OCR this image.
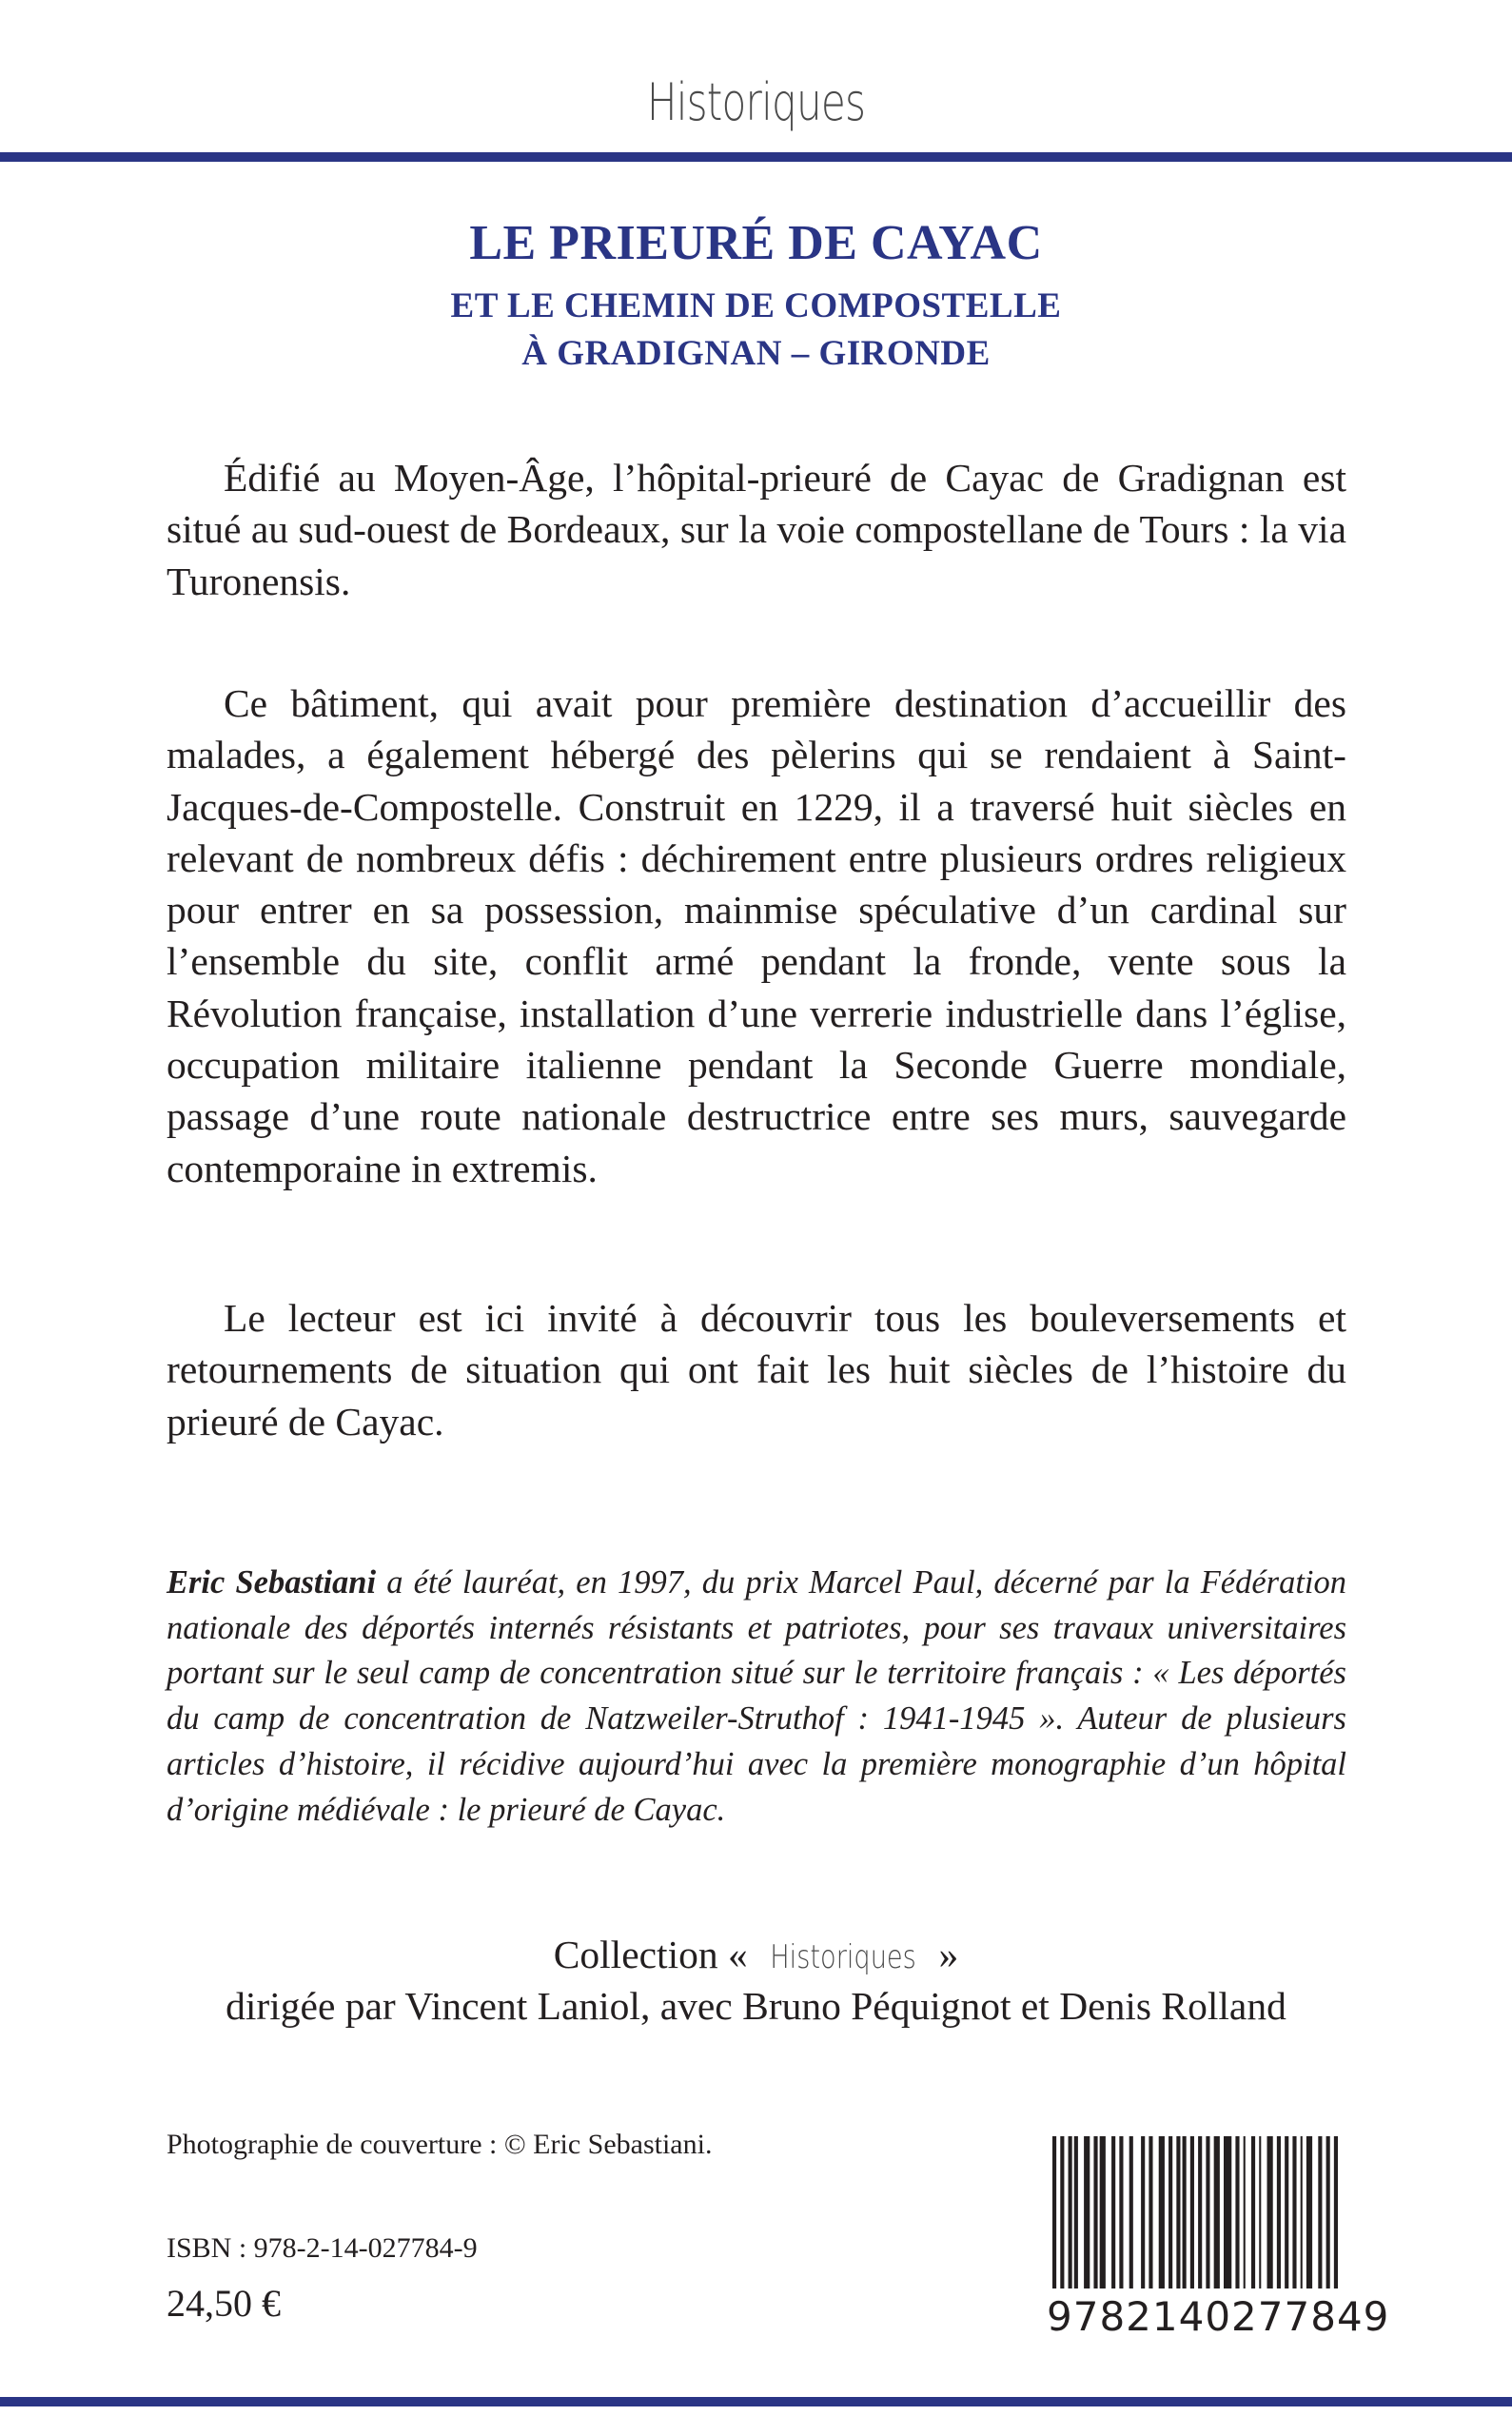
Historiques
LE PRIEURÉ DE CAYAC
ET LE CHEMIN DE COMPOSTELLE
À GRADIGNAN – GIRONDE

Édifié au Moyen-Âge, l’hôpital-prieuré de Cayac de Gradignan est situé au sud-ouest de Bordeaux, sur la voie compostellane de Tours : la via Turonensis.

Ce bâtiment, qui avait pour première destination d’accueillir des malades, a également hébergé des pèlerins qui se rendaient à Saint-Jacques-de-Compostelle. Construit en 1229, il a traversé huit siècles en relevant de nombreux défis : déchirement entre plusieurs ordres religieux pour entrer en sa possession, mainmise spéculative d’un cardinal sur l’ensemble du site, conflit armé pendant la fronde, vente sous la Révolution française, installation d’une verrerie industrielle dans l’église, occupation militaire italienne pendant la Seconde Guerre mondiale, passage d’une route nationale destructrice entre ses murs, sauvegarde contemporaine in extremis.

Le lecteur est ici invité à découvrir tous les bouleversements et retournements de situation qui ont fait les huit siècles de l’histoire du prieuré de Cayac.

Eric Sebastiani a été lauréat, en 1997, du prix Marcel Paul, décerné par la Fédération nationale des déportés internés résistants et patriotes, pour ses travaux universitaires portant sur le seul camp de concentration situé sur le territoire français : « Les déportés du camp de concentration de Natzweiler-Struthof : 1941-1945 ». Auteur de plusieurs articles d’histoire, il récidive aujourd’hui avec la première monographie d’un hôpital d’origine médiévale : le prieuré de Cayac.

Collection « Historiques »
dirigée par Vincent Laniol, avec Bruno Péquignot et Denis Rolland
Photographie de couverture : © Eric Sebastiani.
ISBN : 978-2-14-027784-9
24,50 €	9782140277849
